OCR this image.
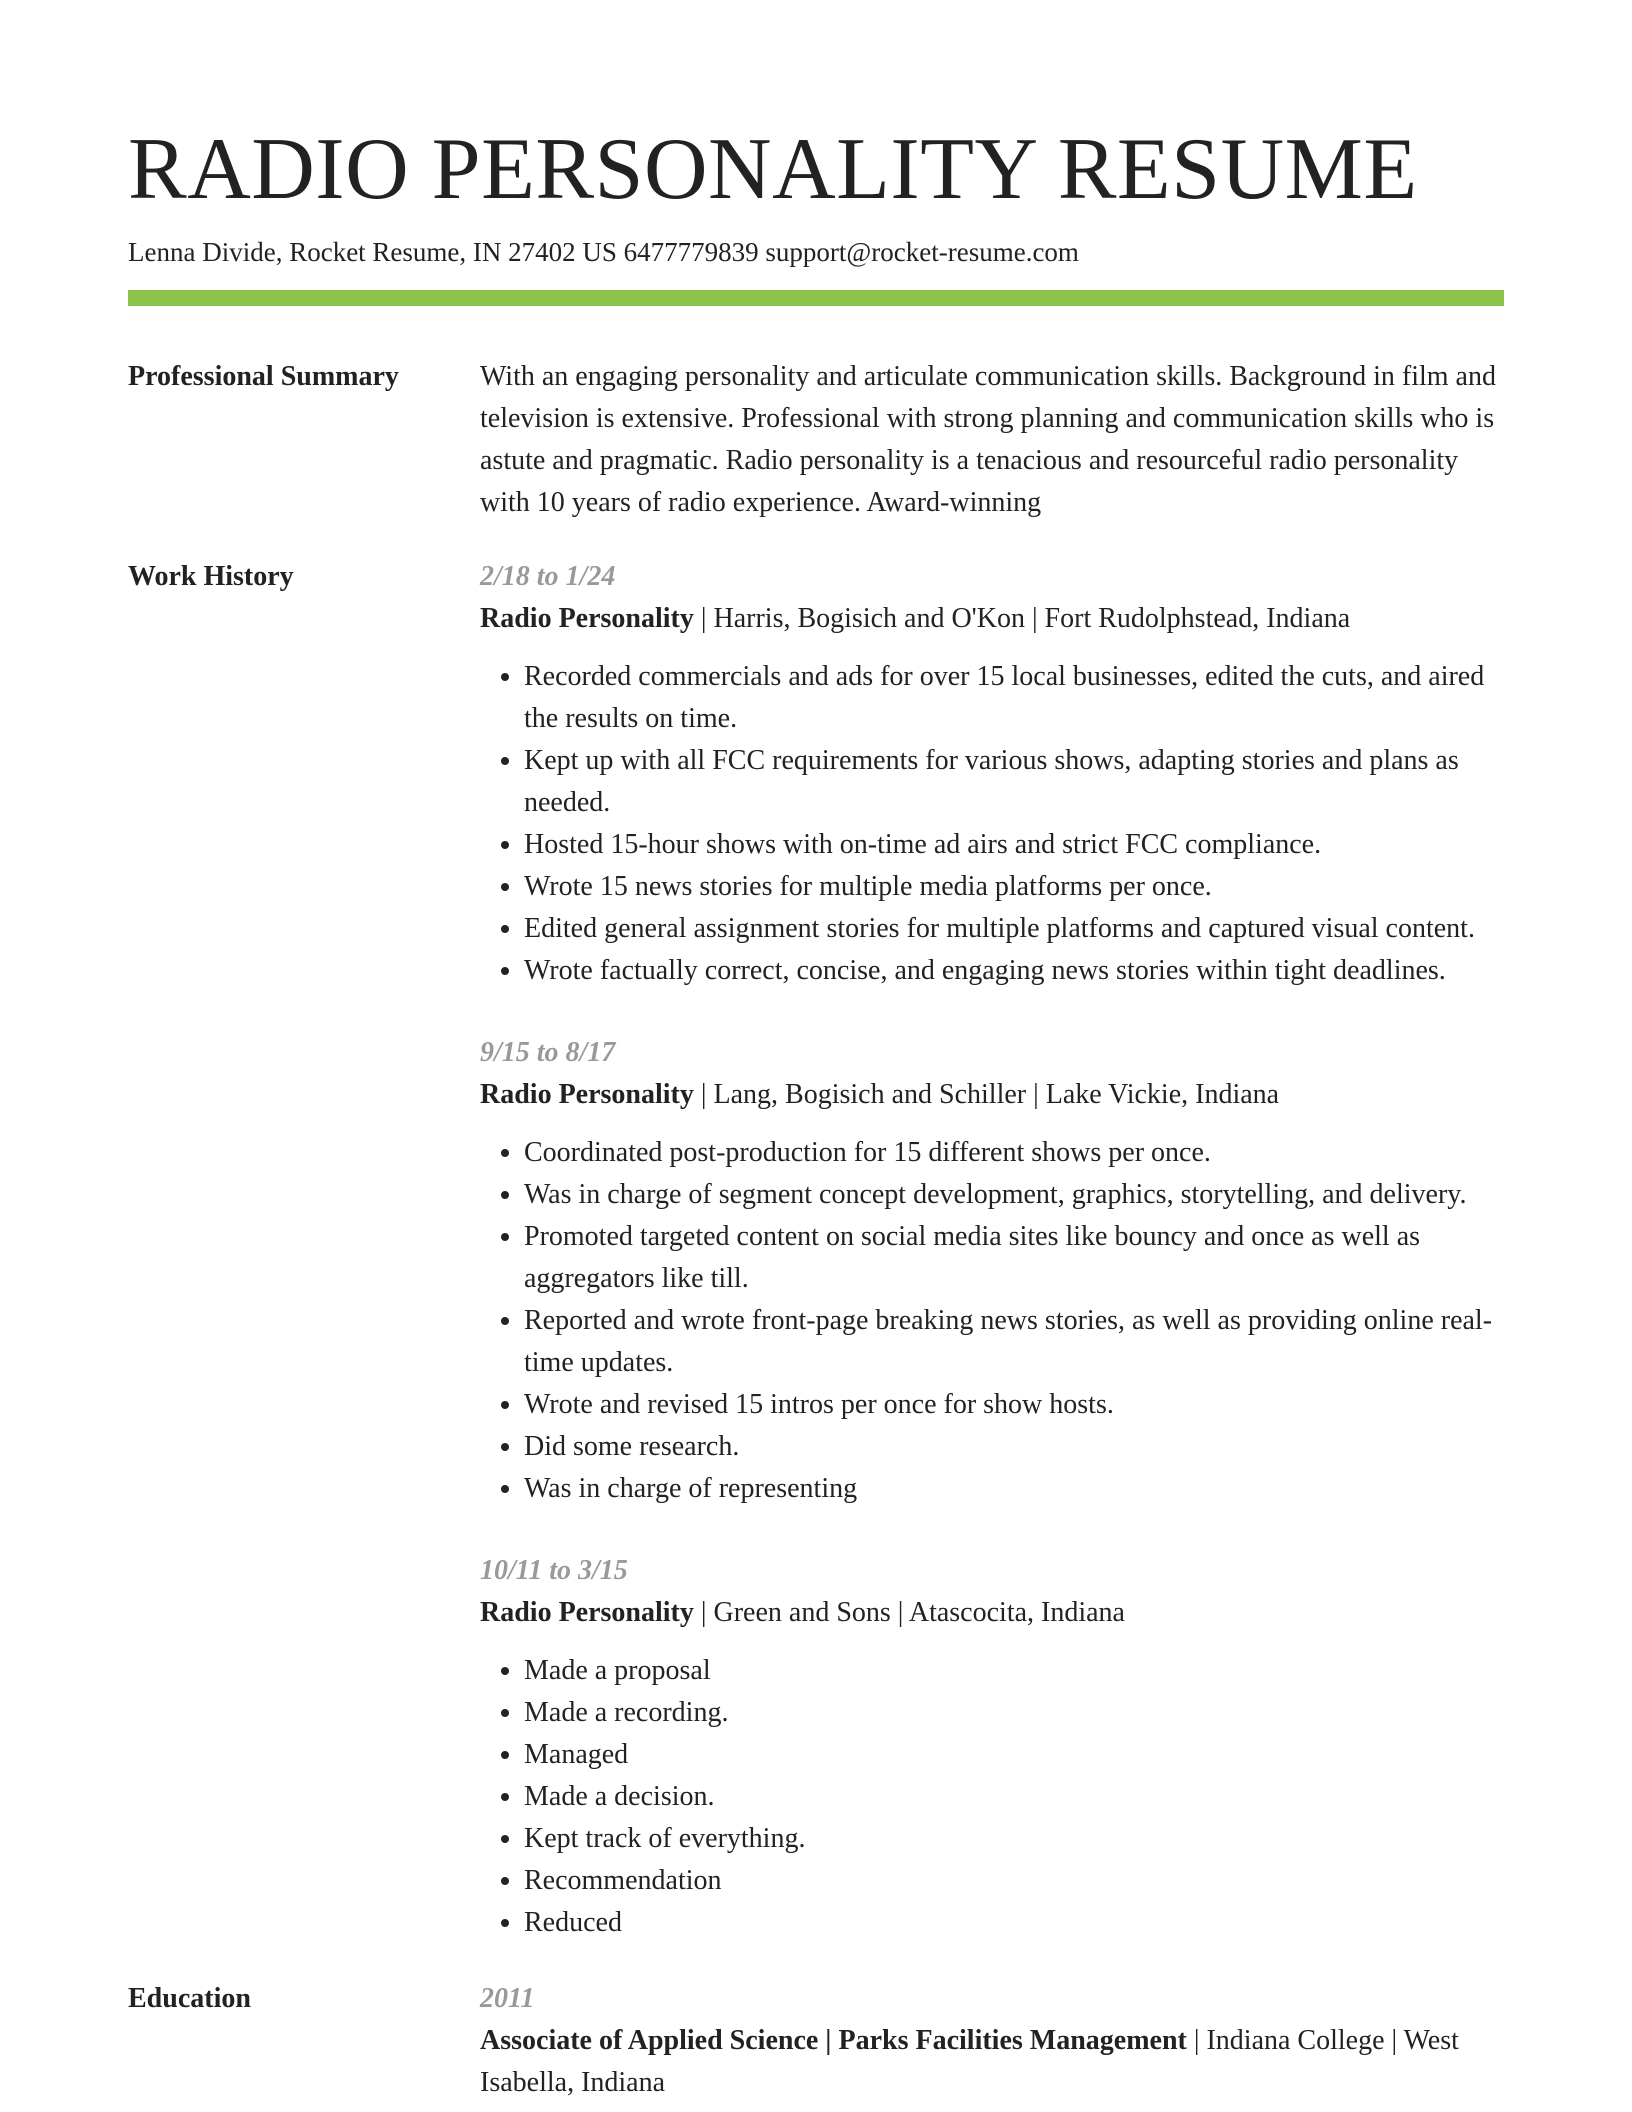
RADIO PERSONALITY RESUME
Lenna Divide, Rocket Resume, IN 27402 US 6477779839 support@rocket-resume.com
Professional Summary	With an engaging personality and articulate communication skills. Background in film and television is extensive. Professional with strong planning and communication skills who is astute and pragmatic. Radio personality is a tenacious and resourceful radio personality with 10 years of radio experience. Award-winning
Work History	2/18 to 1/24
Radio Personality | Harris, Bogisich and O'Kon | Fort Rudolphstead, Indiana
• Recorded commercials and ads for over 15 local businesses, edited the cuts, and aired the results on time.
• Kept up with all FCC requirements for various shows, adapting stories and plans as needed.
• Hosted 15-hour shows with on-time ad airs and strict FCC compliance.
• Wrote 15 news stories for multiple media platforms per once.
• Edited general assignment stories for multiple platforms and captured visual content.
• Wrote factually correct, concise, and engaging news stories within tight deadlines.
9/15 to 8/17
Radio Personality | Lang, Bogisich and Schiller | Lake Vickie, Indiana
• Coordinated post-production for 15 different shows per once.
• Was in charge of segment concept development, graphics, storytelling, and delivery.
• Promoted targeted content on social media sites like bouncy and once as well as aggregators like till.
• Reported and wrote front-page breaking news stories, as well as providing online real-time updates.
• Wrote and revised 15 intros per once for show hosts.
• Did some research.
• Was in charge of representing
10/11 to 3/15
Radio Personality | Green and Sons | Atascocita, Indiana
• Made a proposal
• Made a recording.
• Managed
• Made a decision.
• Kept track of everything.
• Recommendation
• Reduced
Education	2011
Associate of Applied Science | Parks Facilities Management | Indiana College | West Isabella, Indiana
